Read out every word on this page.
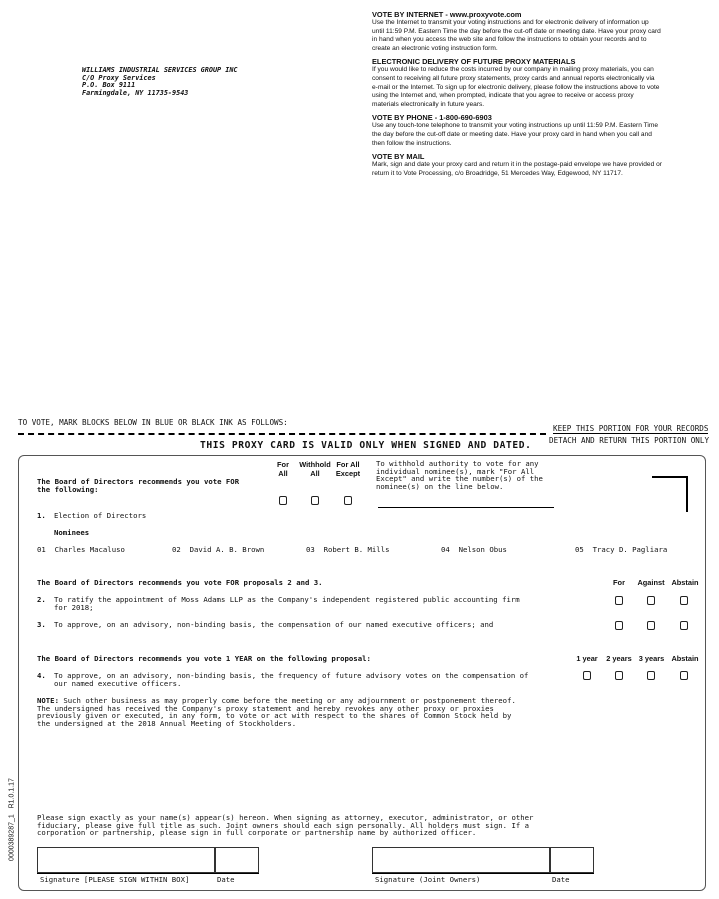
VOTE BY INTERNET - www.proxyvote.com

Use the Internet to transmit your voting instructions and for electronic delivery of information up until 11:59 P.M. Eastern Time the day before the cut-off date or meeting date. Have your proxy card in hand when you access the web site and follow the instructions to obtain your records and to create an electronic voting instruction form.

ELECTRONIC DELIVERY OF FUTURE PROXY MATERIALS

If you would like to reduce the costs incurred by our company in mailing proxy materials, you can consent to receiving all future proxy statements, proxy cards and annual reports electronically via e-mail or the Internet. To sign up for electronic delivery, please follow the instructions above to vote using the Internet and, when prompted, indicate that you agree to receive or access proxy materials electronically in future years.

VOTE BY PHONE - 1-800-690-6903

Use any touch-tone telephone to transmit your voting instructions up until 11:59 P.M. Eastern Time the day before the cut-off date or meeting date. Have your proxy card in hand when you call and then follow the instructions.

VOTE BY MAIL

Mark, sign and date your proxy card and return it in the postage-paid envelope we have provided or return it to Vote Processing, c/o Broadridge, 51 Mercedes Way, Edgewood, NY 11717.

WILLIAMS INDUSTRIAL SERVICES GROUP INC
C/O Proxy Services
P.O. Box 9111
Farmingdale, NY 11735-9543
TO VOTE, MARK BLOCKS BELOW IN BLUE OR BLACK INK AS FOLLOWS:
KEEP THIS PORTION FOR YOUR RECORDS
DETACH AND RETURN THIS PORTION ONLY
THIS PROXY CARD IS VALID ONLY WHEN SIGNED AND DATED.
The Board of Directors recommends you vote FOR the following:
For All
Withhold All
For All Except
To withhold authority to vote for any individual nominee(s), mark "For All Except" and write the number(s) of the nominee(s) on the line below.
1. Election of Directors
Nominees
01 Charles Macaluso	02 David A. B. Brown	03 Robert B. Mills	04 Nelson Obus	05 Tracy D. Pagliara
The Board of Directors recommends you vote FOR proposals 2 and 3.	For	Against Abstain
2. To ratify the appointment of Moss Adams LLP as the Company's independent registered public accounting firm for 2018;
3. To approve, on an advisory, non-binding basis, the compensation of our named executive officers; and
The Board of Directors recommends you vote 1 YEAR on the following proposal:	1 year	2 years 3 years Abstain
4. To approve, on an advisory, non-binding basis, the frequency of future advisory votes on the compensation of our named executive officers.
NOTE: Such other business as may properly come before the meeting or any adjournment or postponement thereof.
The undersigned has received the Company's proxy statement and hereby revokes any other proxy or proxies previously given or executed, in any form, to vote or act with respect to the shares of Common Stock held by the undersigned at the 2018 Annual Meeting of Stockholders.
Please sign exactly as your name(s) appear(s) hereon. When signing as attorney, executor, administrator, or other fiduciary, please give full title as such. Joint owners should each sign personally. All holders must sign. If a corporation or partnership, please sign in full corporate or partnership name by authorized officer.
Signature [PLEASE SIGN WITHIN BOX]	Date	Signature (Joint Owners)	Date
0000389287_1   R1.0.1.17
